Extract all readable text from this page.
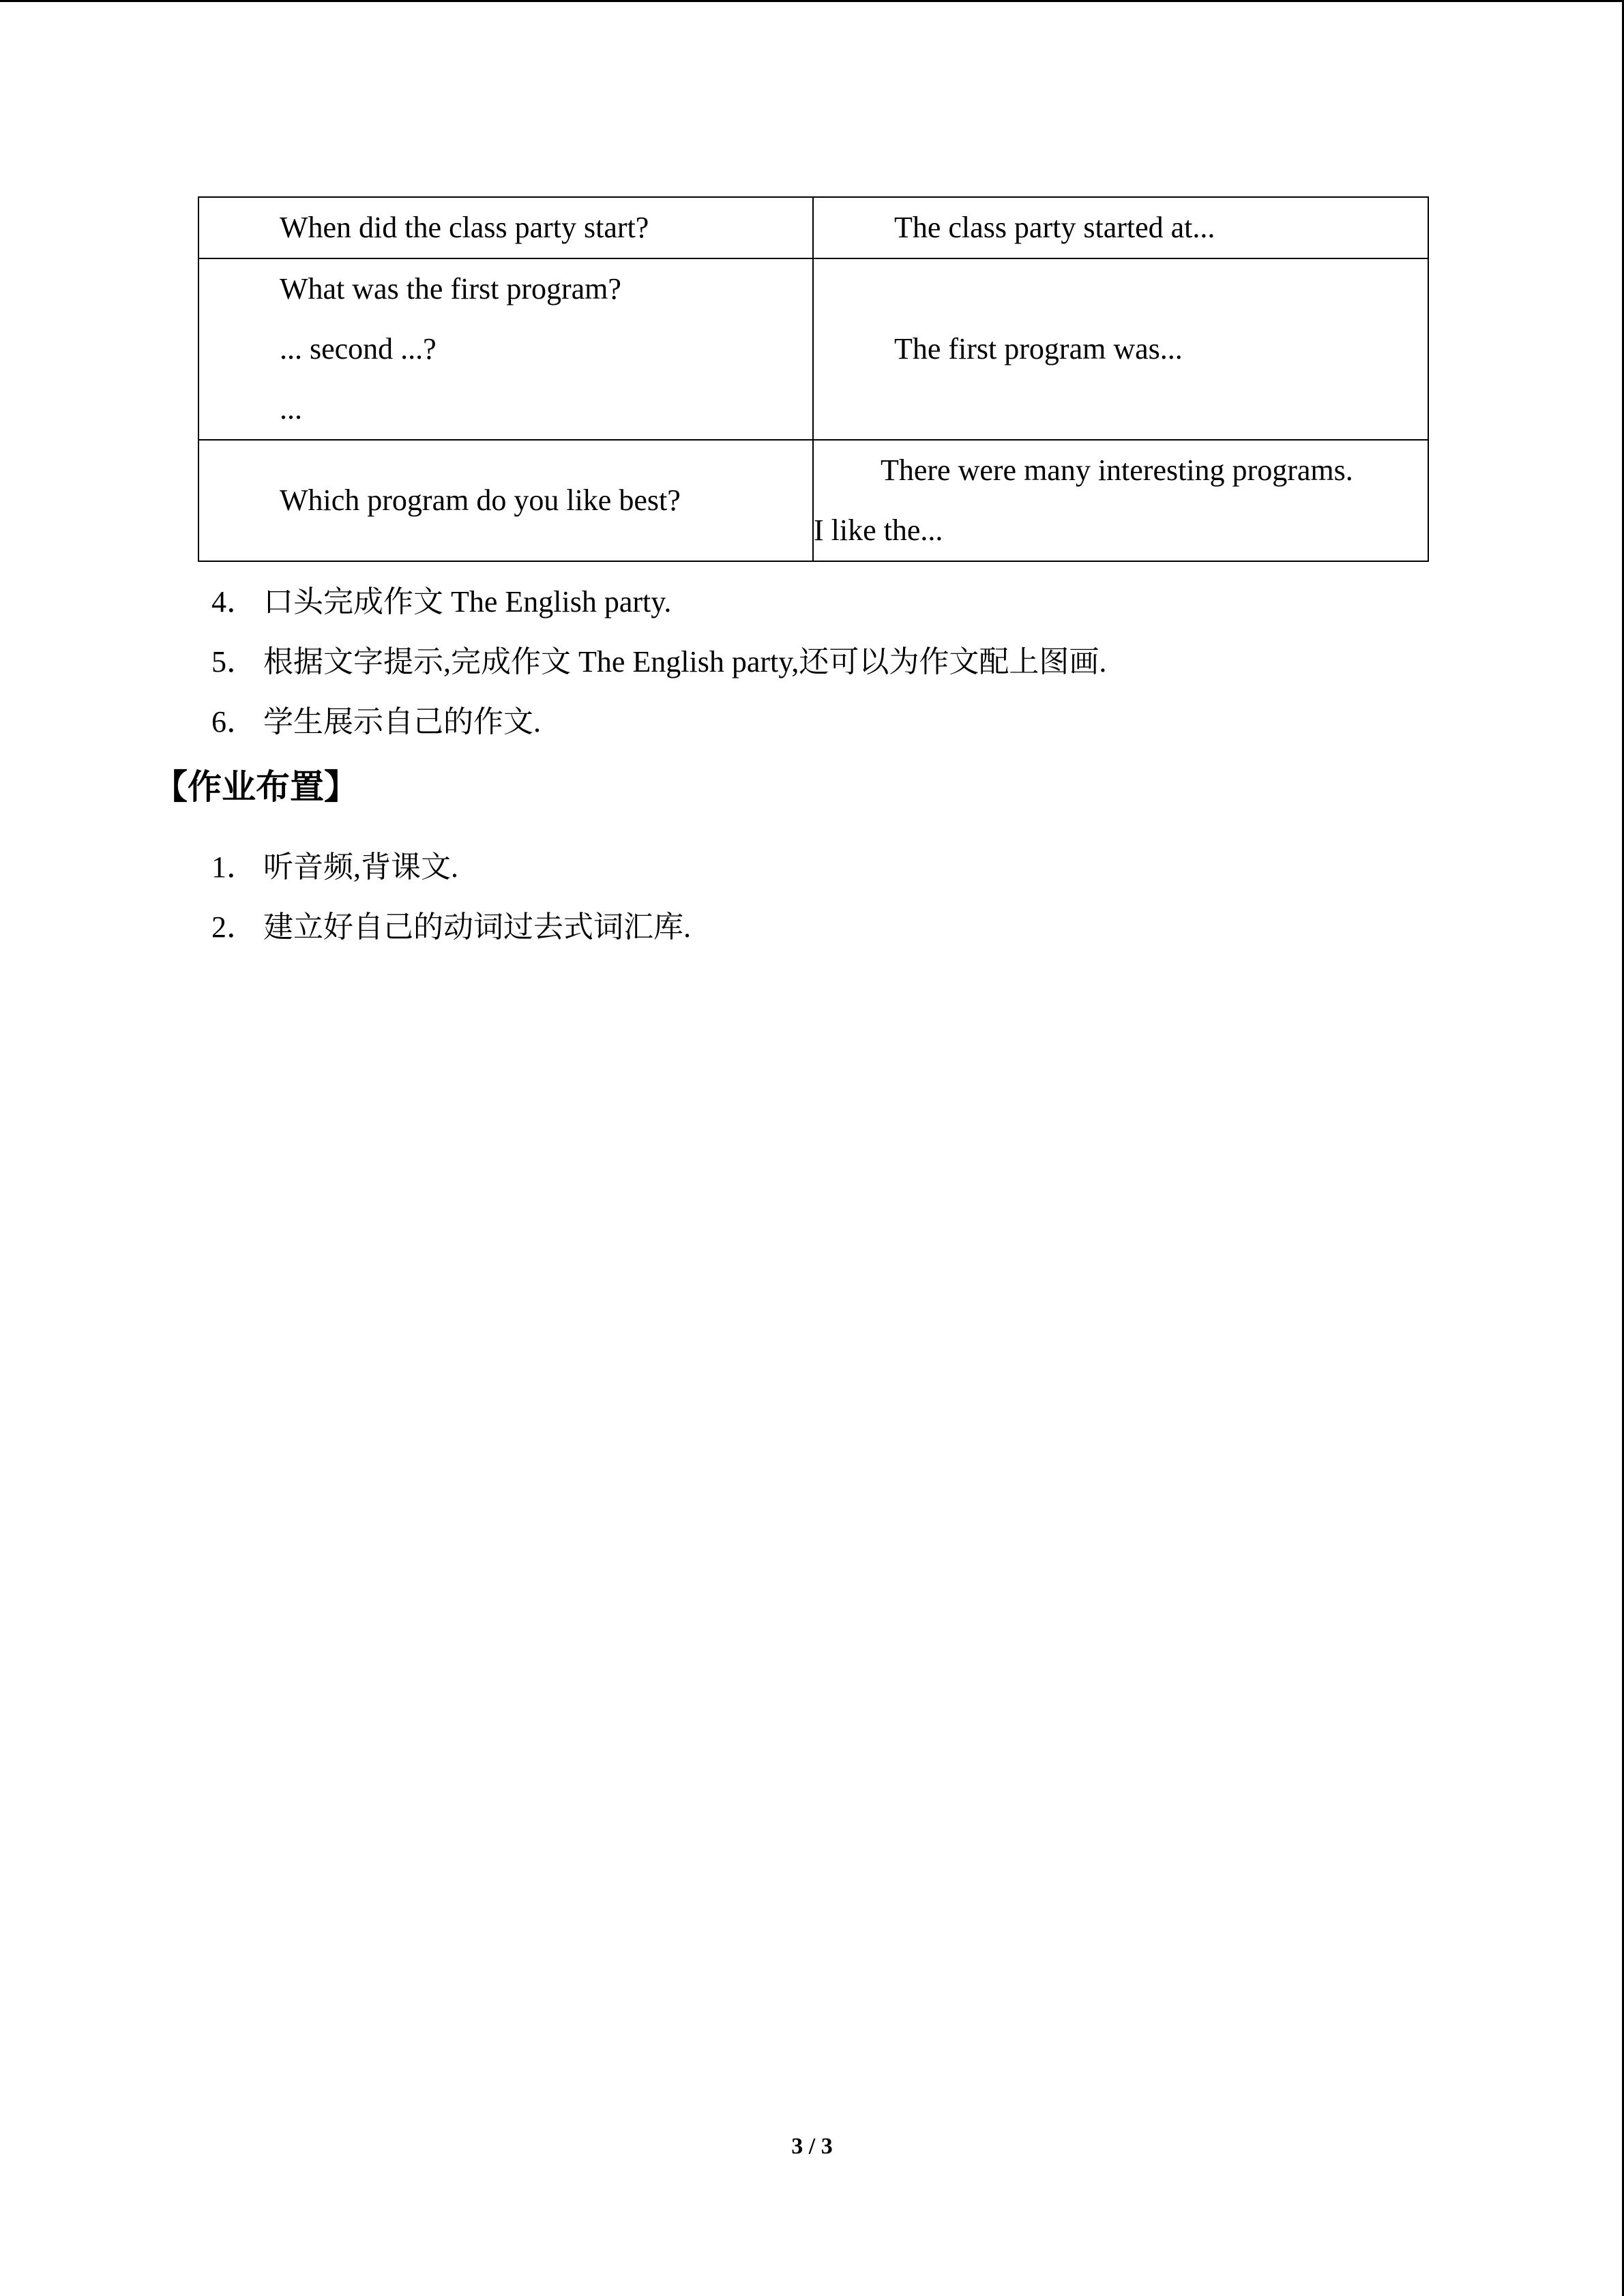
When did the class party start?	The class party started at...

What was the first program?
... second ...?
...	The first program was...

Which program do you like best?	There were many interesting programs.
I like the...
4． 口头完成作文 The English party.
5． 根据文字提示,完成作文 The English party,还可以为作文配上图画.
6． 学生展示自己的作文.
【作业布置】
1． 听音频,背课文.
2． 建立好自己的动词过去式词汇库.
3 / 3
